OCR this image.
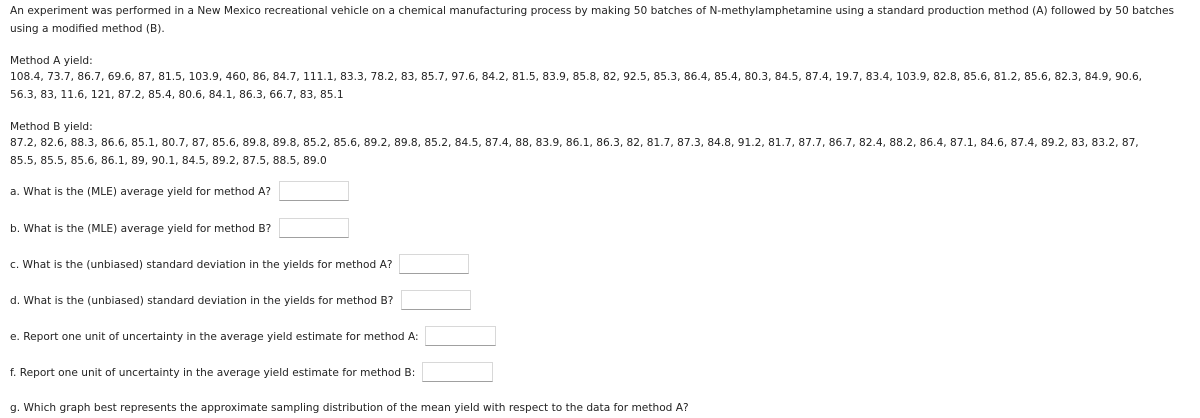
An experiment was performed in a New Mexico recreational vehicle on a chemical manufacturing process by making 50 batches of N-methylamphetamine using a standard production method (A) followed by 50 batches
using a modified method (B).
Method A yield:
108.4, 73.7, 86.7, 69.6, 87, 81.5, 103.9, 460, 86, 84.7, 111.1, 83.3, 78.2, 83, 85.7, 97.6, 84.2, 81.5, 83.9, 85.8, 82, 92.5, 85.3, 86.4, 85.4, 80.3, 84.5, 87.4, 19.7, 83.4, 103.9, 82.8, 85.6, 81.2, 85.6, 82.3, 84.9, 90.6,
56.3, 83, 11.6, 121, 87.2, 85.4, 80.6, 84.1, 86.3, 66.7, 83, 85.1
Method B yield:
87.2, 82.6, 88.3, 86.6, 85.1, 80.7, 87, 85.6, 89.8, 89.8, 85.2, 85.6, 89.2, 89.8, 85.2, 84.5, 87.4, 88, 83.9, 86.1, 86.3, 82, 81.7, 87.3, 84.8, 91.2, 81.7, 87.7, 86.7, 82.4, 88.2, 86.4, 87.1, 84.6, 87.4, 89.2, 83, 83.2, 87,
85.5, 85.5, 85.6, 86.1, 89, 90.1, 84.5, 89.2, 87.5, 88.5, 89.0
a. What is the (MLE) average yield for method A?
b. What is the (MLE) average yield for method B?
c. What is the (unbiased) standard deviation in the yields for method A?
d. What is the (unbiased) standard deviation in the yields for method B?
e. Report one unit of uncertainty in the average yield estimate for method A:
f. Report one unit of uncertainty in the average yield estimate for method B:
g. Which graph best represents the approximate sampling distribution of the mean yield with respect to the data for method A?
